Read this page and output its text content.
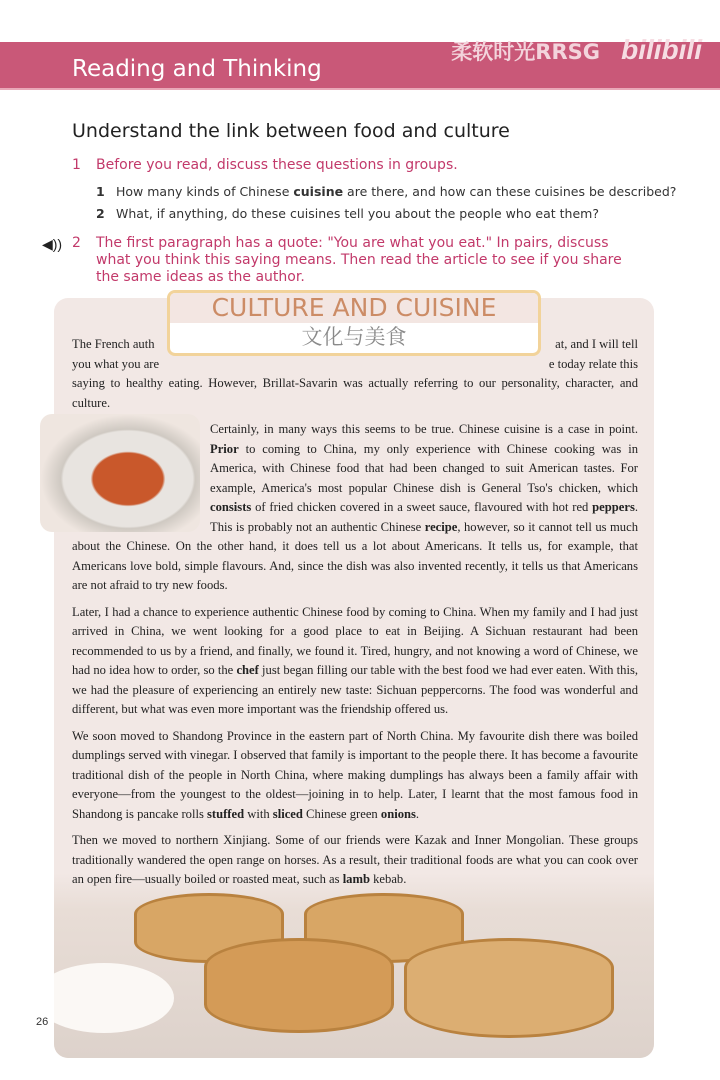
Reading and Thinking
柔软时光RRSG bilibili
Understand the link between food and culture
1 Before you read, discuss these questions in groups.
1 How many kinds of Chinese cuisine are there, and how can these cuisines be described?
2 What, if anything, do these cuisines tell you about the people who eat them?
◀)) 2 The first paragraph has a quote: "You are what you eat." In pairs, discuss what you think this saying means. Then read the article to see if you share the same ideas as the author.
The French auth	at, and I will tell
you what you are	e today relate this

saying to healthy eating. However, Brillat-Savarin was actually referring to our personality, character, and culture.

Certainly, in many ways this seems to be true. Chinese cuisine is a case in point. Prior to coming to China, my only experience with Chinese cooking was in America, with Chinese food that had been changed to suit American tastes. For example, America's most popular Chinese dish is General Tso's chicken, which consists of fried chicken covered in a sweet sauce, flavoured with hot red peppers. This is probably not an authentic Chinese recipe, however, so it cannot tell us much about the Chinese. On the other hand, it does tell us a lot about Americans. It tells us, for example, that Americans love bold, simple flavours. And, since the dish was also invented recently, it tells us that Americans are not afraid to try new foods.

Later, I had a chance to experience authentic Chinese food by coming to China. When my family and I had just arrived in China, we went looking for a good place to eat in Beijing. A Sichuan restaurant had been recommended to us by a friend, and finally, we found it. Tired, hungry, and not knowing a word of Chinese, we had no idea how to order, so the chef just began filling our table with the best food we had ever eaten. With this, we had the pleasure of experiencing an entirely new taste: Sichuan peppercorns. The food was wonderful and different, but what was even more important was the friendship offered us.

We soon moved to Shandong Province in the eastern part of North China. My favourite dish there was boiled dumplings served with vinegar. I observed that family is important to the people there. It has become a favourite traditional dish of the people in North China, where making dumplings has always been a family affair with everyone—from the youngest to the oldest—joining in to help. Later, I learnt that the most famous food in Shandong is pancake rolls stuffed with sliced Chinese green onions.

Then we moved to northern Xinjiang. Some of our friends were Kazak and Inner Mongolian. These groups traditionally wandered the open range on horses. As a result, their traditional foods are what you can cook over an open fire—usually boiled or roasted meat, such as lamb kebab.

CULTURE AND CUISINE
文化与美食
26
